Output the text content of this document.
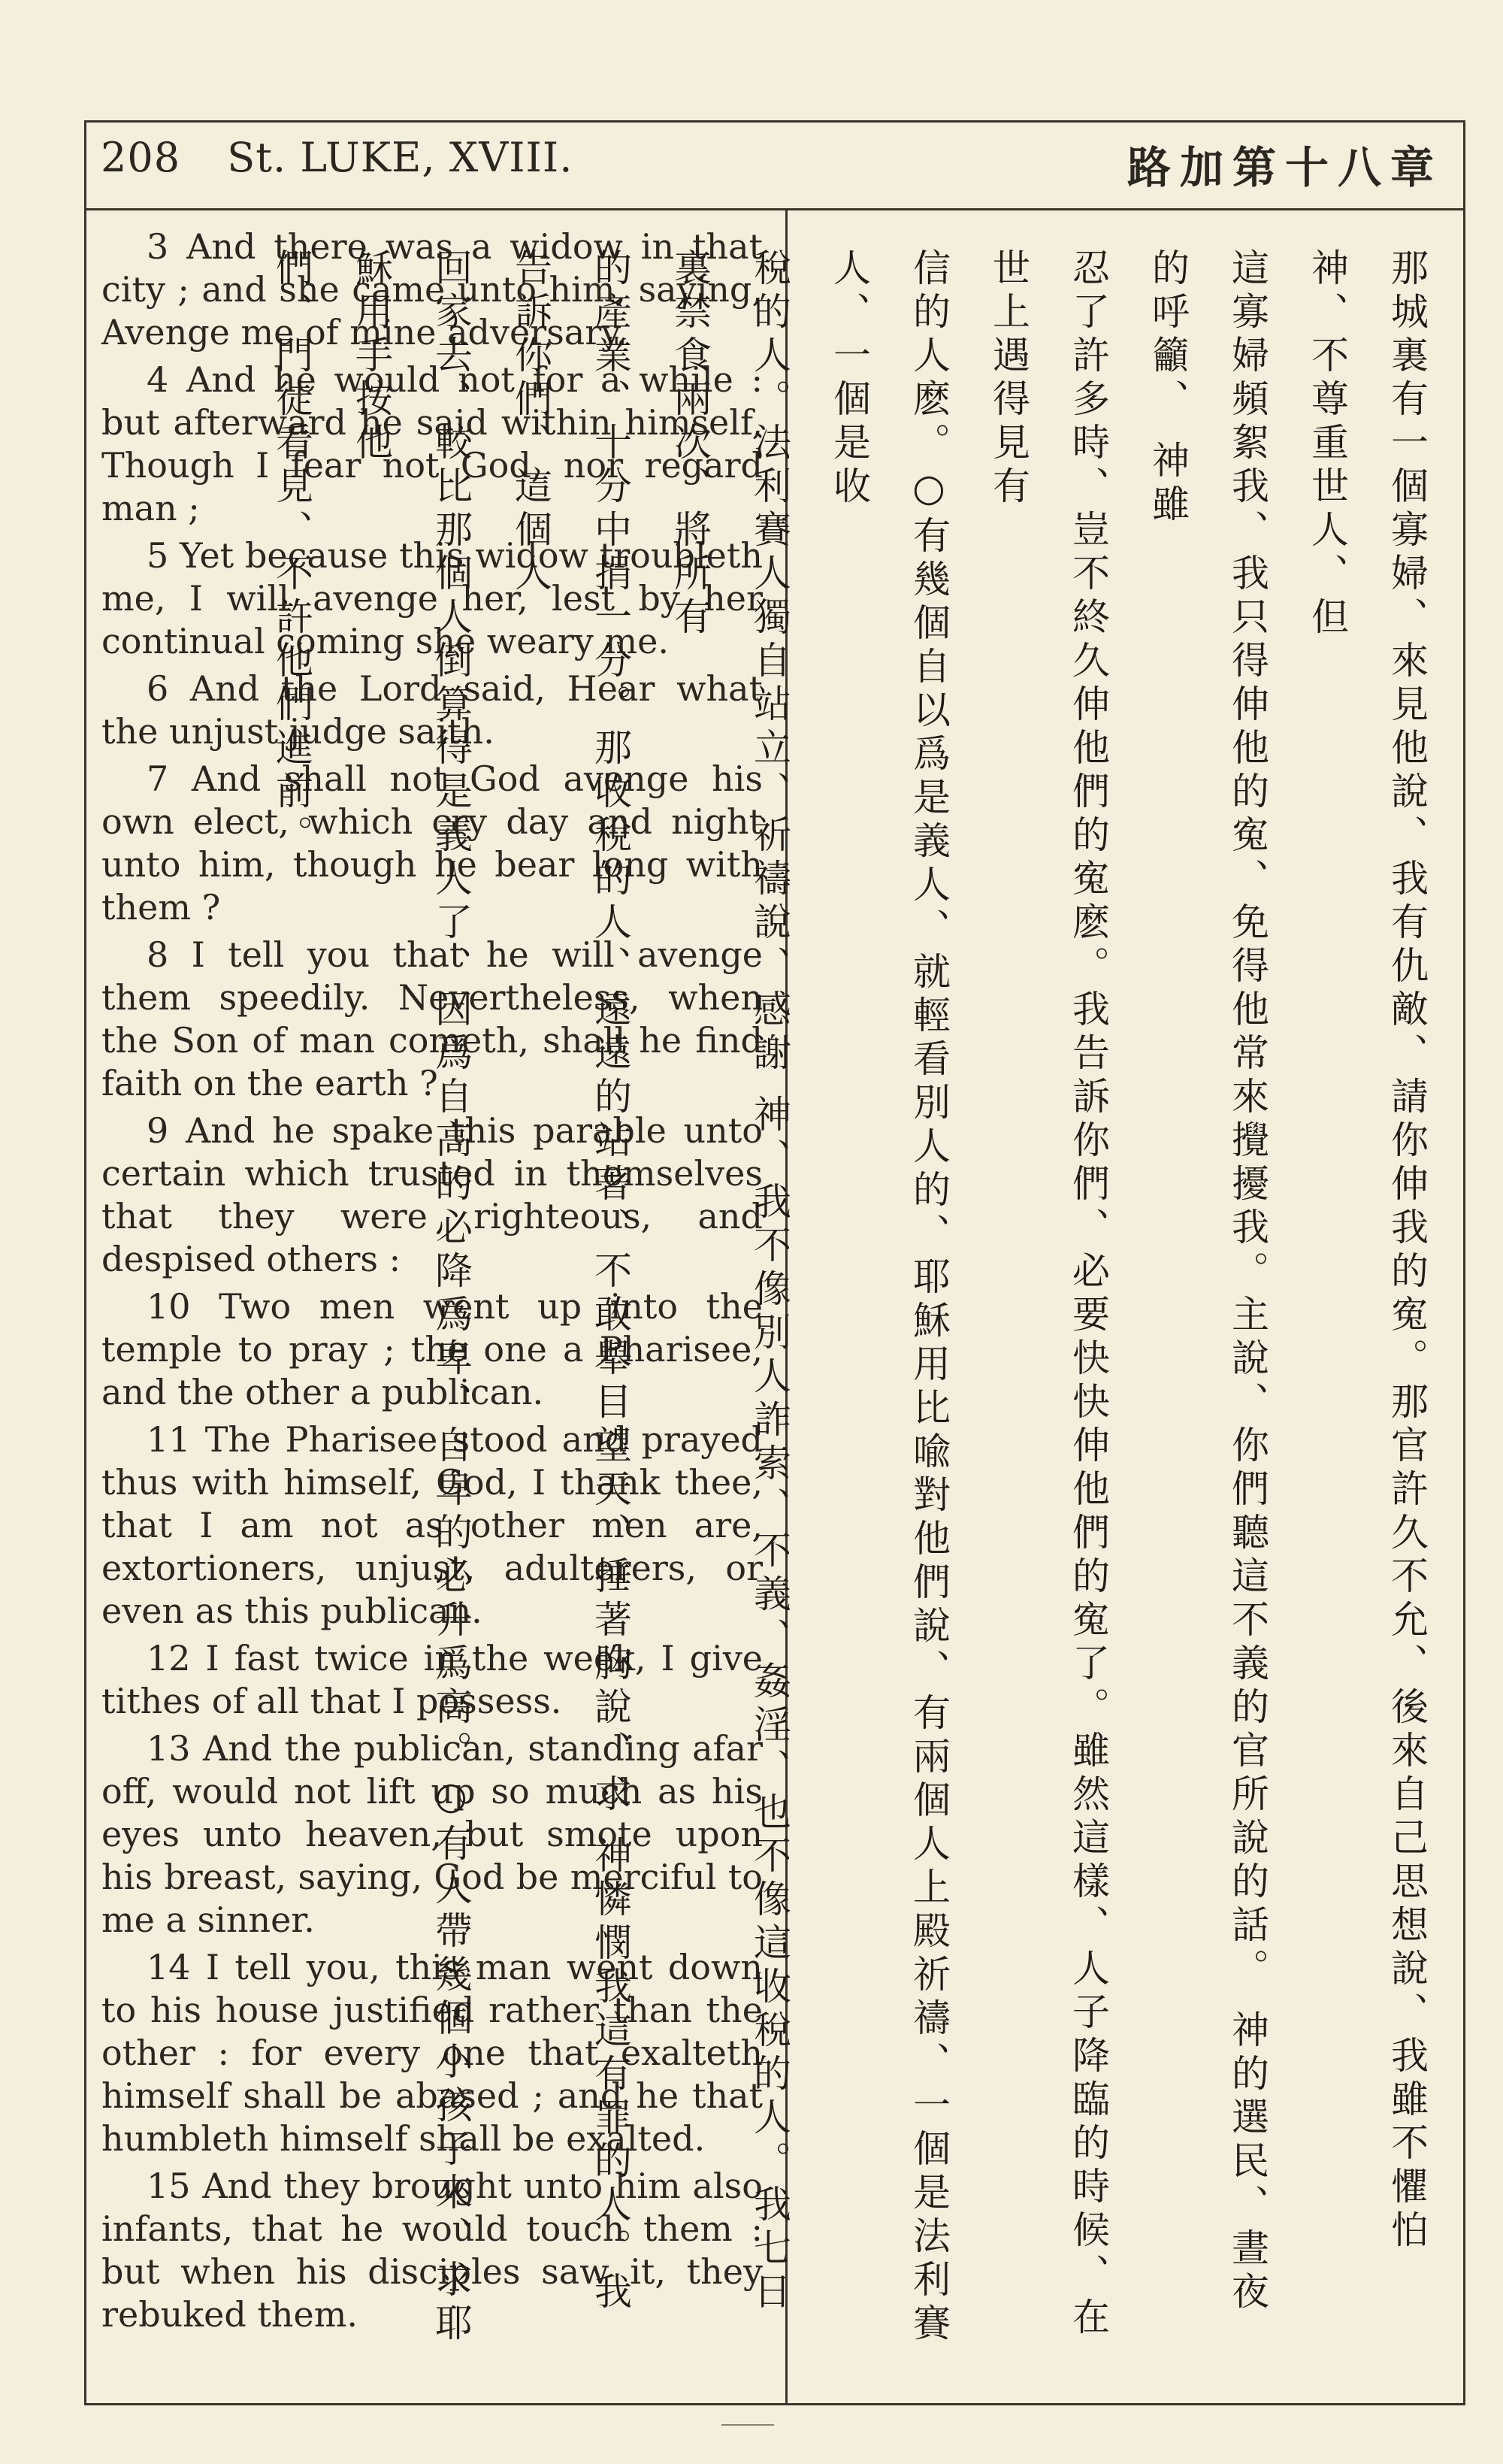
208 St. LUKE, XVIII.	路加第十八章

3 And there was a widow in that city ; and she came unto him, saying, Avenge me of mine adversary.

4 And he would not for a while : but afterward he said within himself, Though I fear not God, nor regard man ;

5 Yet because this widow troubleth me, I will avenge her, lest by her continual coming she weary me.

6 And the Lord said, Hear what the unjust judge saith.

7 And shall not God avenge his own elect, which cry day and night unto him, though he bear long with them ?

8 I tell you that he will avenge them speedily. Nevertheless, when the Son of man cometh, shall he find faith on the earth ?

9 And he spake this parable unto certain which trusted in themselves that they were righteous, and despised others :

10 Two men went up into the temple to pray ; the one a Pharisee, and the other a publican.

11 The Pharisee stood and prayed thus with himself, God, I thank thee, that I am not as other men are, extortioners, unjust, adulterers, or even as this publican.

12 I fast twice in the week, I give tithes of all that I possess.

13 And the publican, standing afar off, would not lift up so much as his eyes unto heaven, but smote upon his breast, saying, God be merciful to me a sinner.

14 I tell you, this man went down to his house justified rather than the other : for every one that exalteth himself shall be abased ; and he that humbleth himself shall be exalted.

15 And they brought unto him also infants, that he would touch them : but when his disciples saw it, they rebuked them.

那城裏有一個寡婦、來見他說、我有仇敵、請你伸我的寃。那官許久不允、後來自己思想說、我雖不懼怕 神、不尊重世人、但
這寡婦頻絮我、我只得伸他的寃、免得他常來攪擾我。主說、你們聽這不義的官所說的話。 神的選民、晝夜的呼籲、 神雖
忍了許多時、豈不終久伸他們的寃麽。我告訴你們、必要快快伸他們的寃了。雖然這樣、人子降臨的時候、在世上遇得見有
信的人麽。○有幾個自以爲是義人、就輕看別人的、耶穌用比喩對他們說、有兩個人上殿祈禱、一個是法利賽人、一個是收
稅的人。法利賽人獨自站立、祈禱說、感謝 神、我不像別人詐索、不義、姦淫、也不像這收稅的人。我七日裏禁食兩次、將所有
的產業、十分中捐一分。那收稅的人、遠遠的站著、不敢舉目望天、捶著胸說、求 神憐憫我這有罪的人。我告訴你們、這個人
回家去、較比那個人倒算得是義人了、因爲自高的必降爲卑、自卑的必升爲高。○有人帶幾個小孩子來、求耶穌用手按他
們、門徒看見、不許他們進前。
